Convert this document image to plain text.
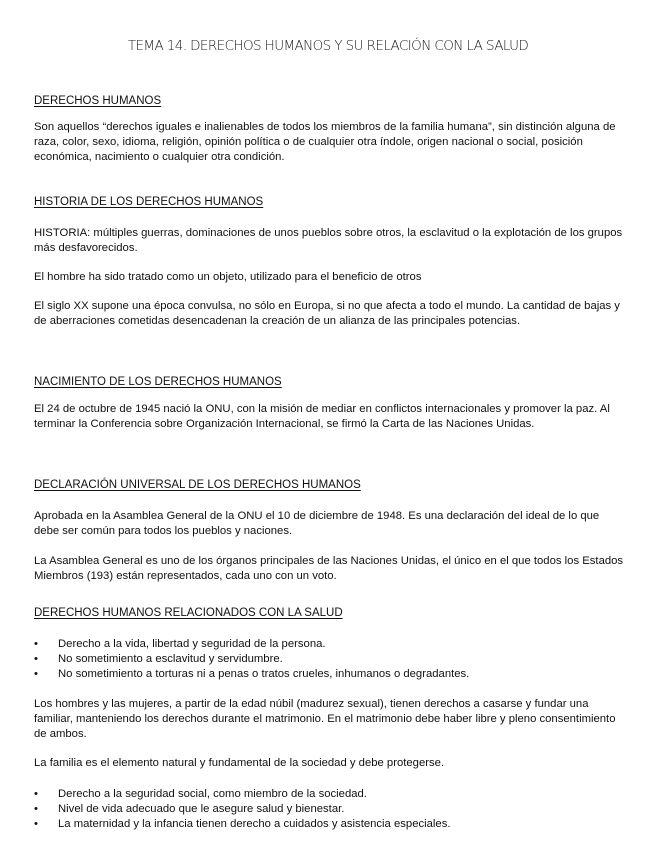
TEMA 14. DERECHOS HUMANOS Y SU RELACIÓN CON LA SALUD
DERECHOS HUMANOS
Son aquellos “derechos iguales e inalienables de todos los miembros de la familia humana”, sin distinción alguna de raza, color, sexo, idioma, religión, opinión política o de cualquier otra índole, origen nacional o social, posición económica, nacimiento o cualquier otra condición.
HISTORIA DE LOS DERECHOS HUMANOS
HISTORIA: múltiples guerras, dominaciones de unos pueblos sobre otros, la esclavitud o la explotación de los grupos más desfavorecidos.
El hombre ha sido tratado como un objeto, utilizado para el beneficio de otros
El siglo XX supone una época convulsa, no sólo en Europa, si no que afecta a todo el mundo. La cantidad de bajas y de aberraciones cometidas desencadenan la creación de un alianza de las principales potencias.
NACIMIENTO DE LOS DERECHOS HUMANOS
El 24 de octubre de 1945 nació la ONU, con la misión de mediar en conflictos internacionales y promover la paz. Al terminar la Conferencia sobre Organización Internacional, se firmó la Carta de las Naciones Unidas.
DECLARACIÓN UNIVERSAL DE LOS DERECHOS HUMANOS
Aprobada en la Asamblea General de la ONU el 10 de diciembre de 1948. Es una declaración del ideal de lo que debe ser común para todos los pueblos y naciones.
La Asamblea General es uno de los órganos principales de las Naciones Unidas, el único en el que todos los Estados Miembros (193) están representados, cada uno con un voto.
DERECHOS HUMANOS RELACIONADOS CON LA SALUD
• Derecho a la vida, libertad y seguridad de la persona.
• No sometimiento a esclavitud y servidumbre.
• No sometimiento a torturas ni a penas o tratos crueles, inhumanos o degradantes.
Los hombres y las mujeres, a partir de la edad núbil (madurez sexual), tienen derechos a casarse y fundar una familiar, manteniendo los derechos durante el matrimonio. En el matrimonio debe haber libre y pleno consentimiento de ambos.
La familia es el elemento natural y fundamental de la sociedad y debe protegerse.
• Derecho a la seguridad social, como miembro de la sociedad.
• Nivel de vida adecuado que le asegure salud y bienestar.
• La maternidad y la infancia tienen derecho a cuidados y asistencia especiales.
